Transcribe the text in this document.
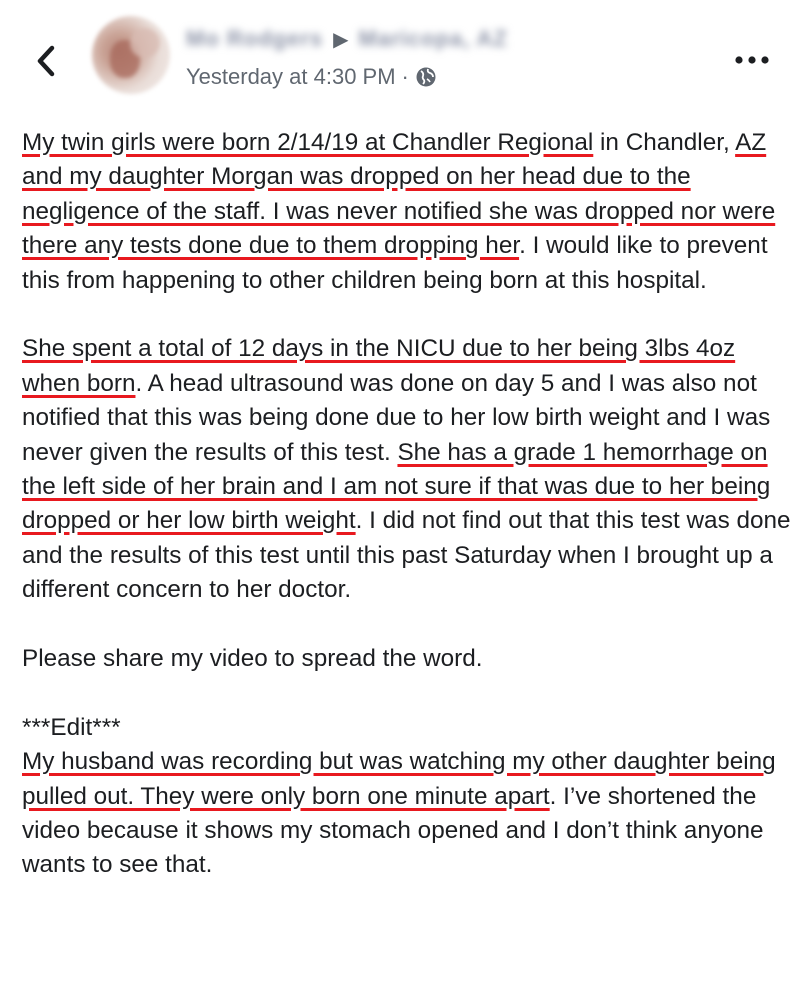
Mo Rodgers ▶ Maricopa, AZ
Yesterday at 4:30 PM ·

My twin girls were born 2/14/19 at Chandler Regional in Chandler, AZ and my daughter Morgan was dropped on her head due to the negligence of the staff. I was never notified she was dropped nor were there any tests done due to them dropping her. I would like to prevent this from happening to other children being born at this hospital.

She spent a total of 12 days in the NICU due to her being 3lbs 4oz when born. A head ultrasound was done on day 5 and I was also not notified that this was being done due to her low birth weight and I was never given the results of this test. She has a grade 1 hemorrhage on the left side of her brain and I am not sure if that was due to her being dropped or her low birth weight. I did not find out that this test was done and the results of this test until this past Saturday when I brought up a different concern to her doctor.

Please share my video to spread the word.

***Edit***

My husband was recording but was watching my other daughter being pulled out. They were only born one minute apart. I’ve shortened the video because it shows my stomach opened and I don’t think anyone wants to see that.
